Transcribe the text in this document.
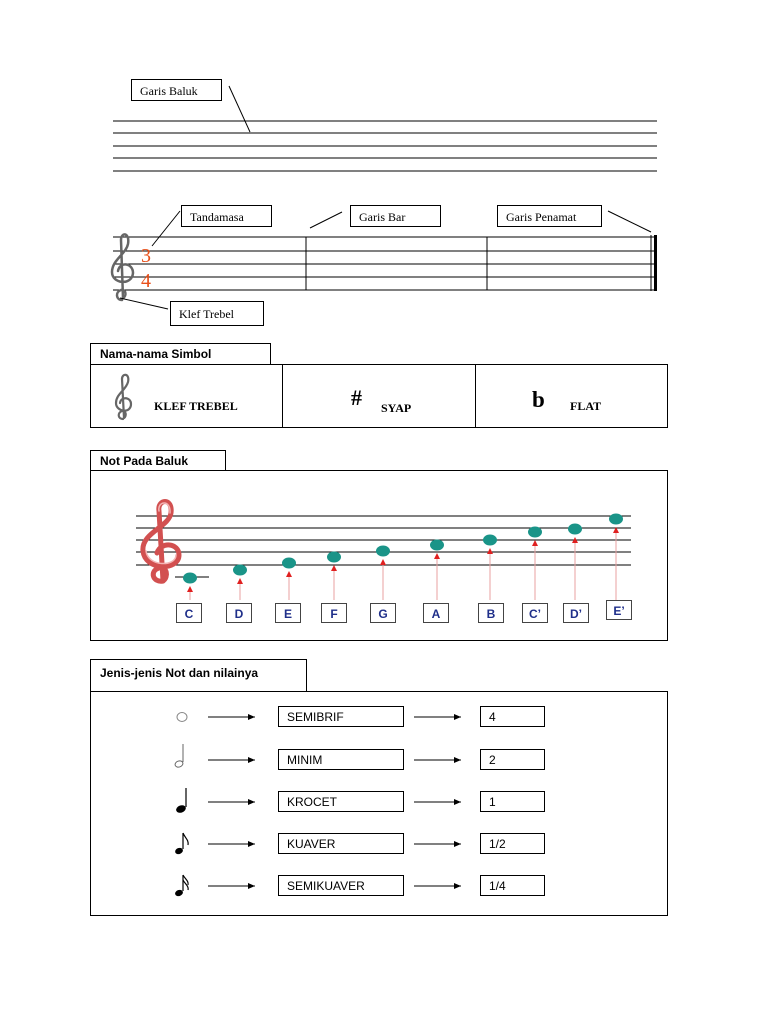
3
4
Garis Baluk
Tandamasa	Garis Bar	Garis Penamat
Klef Trebel
Nama-nama Simbol
KLEF TREBEL	# SYAP	b FLAT
Not Pada Baluk
C	D	E	F	G	A	B	C’	D’	E’
Jenis-jenis Not dan nilainya
SEMIBRIF	4
MINIM	2
KROCET	1
KUAVER	1/2
SEMIKUAVER	1/4
